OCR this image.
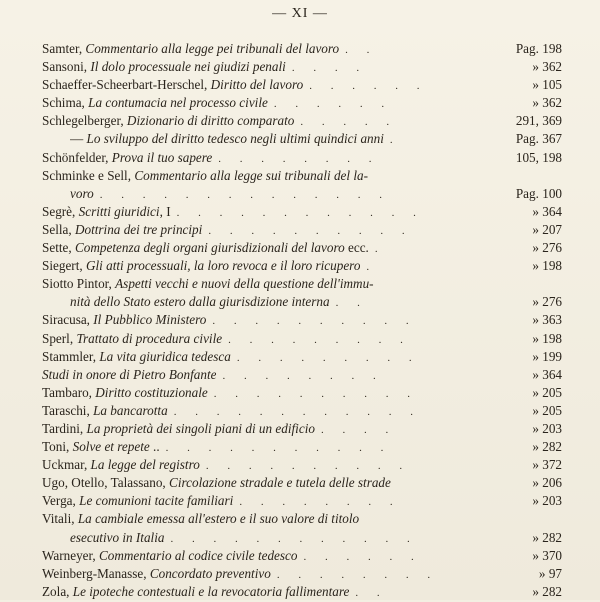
— XI —
Samter, Commentario alla legge pei tribunali del lavoro . .	Pag. 198
Sansoni, Il dolo processuale nei giudizi penali . . . .	» 362
Schaeffer-Scheerbart-Herschel, Diritto del lavoro . . . . . .	» 105
Schima, La contumacia nel processo civile . . . . . .	» 362
Schlegelberger, Dizionario di diritto comparato . . . . .	291, 369
— Lo sviluppo del diritto tedesco negli ultimi quindici anni .	Pag. 367
Schönfelder, Prova il tuo sapere . . . . . . . .	105, 198
Schminke e Sell, Commentario alla legge sui tribunali del la-
voro . . . . . . . . . . . . . .	Pag. 100
Segrè, Scritti giuridici, I . . . . . . . . . . . .	» 364
Sella, Dottrina dei tre principi . . . . . . . . . .	» 207
Sette, Competenza degli organi giurisdizionali del lavoro ecc. .	» 276
Siegert, Gli atti processuali, la loro revoca e il loro ricupero .	» 198
Siotto Pintor, Aspetti vecchi e nuovi della questione dell'immu-
nità dello Stato estero dalla giurisdizione interna . .	» 276
Siracusa, Il Pubblico Ministero . . . . . . . . . .	» 363
Sperl, Trattato di procedura civile . . . . . . . . .	» 198
Stammler, La vita giuridica tedesca . . . . . . . . .	» 199
Studi in onore di Pietro Bonfante . . . . . . . .	» 364
Tambaro, Diritto costituzionale . . . . . . . . . .	» 205
Taraschi, La bancarotta . . . . . . . . . . . .	» 205
Tardini, La proprietà dei singoli piani di un edificio . . . .	» 203
Toni, Solve et repete .. . . . . . . . . . . .	» 282
Uckmar, La legge del registro . . . . . . . . . .	» 372
Ugo, Otello, Talassano, Circolazione stradale e tutela delle strade	» 206
Verga, Le comunioni tacite familiari . . . . . . . .	» 203
Vitali, La cambiale emessa all'estero e il suo valore di titolo
esecutivo in Italia . . . . . . . . . . . .	» 282
Warneyer, Commentario al codice civile tedesco . . . . . .	» 370
Weinberg-Manasse, Concordato preventivo . . . . . . . .	» 97
Zola, Le ipoteche contestuali e la revocatoria fallimentare . .	» 282
